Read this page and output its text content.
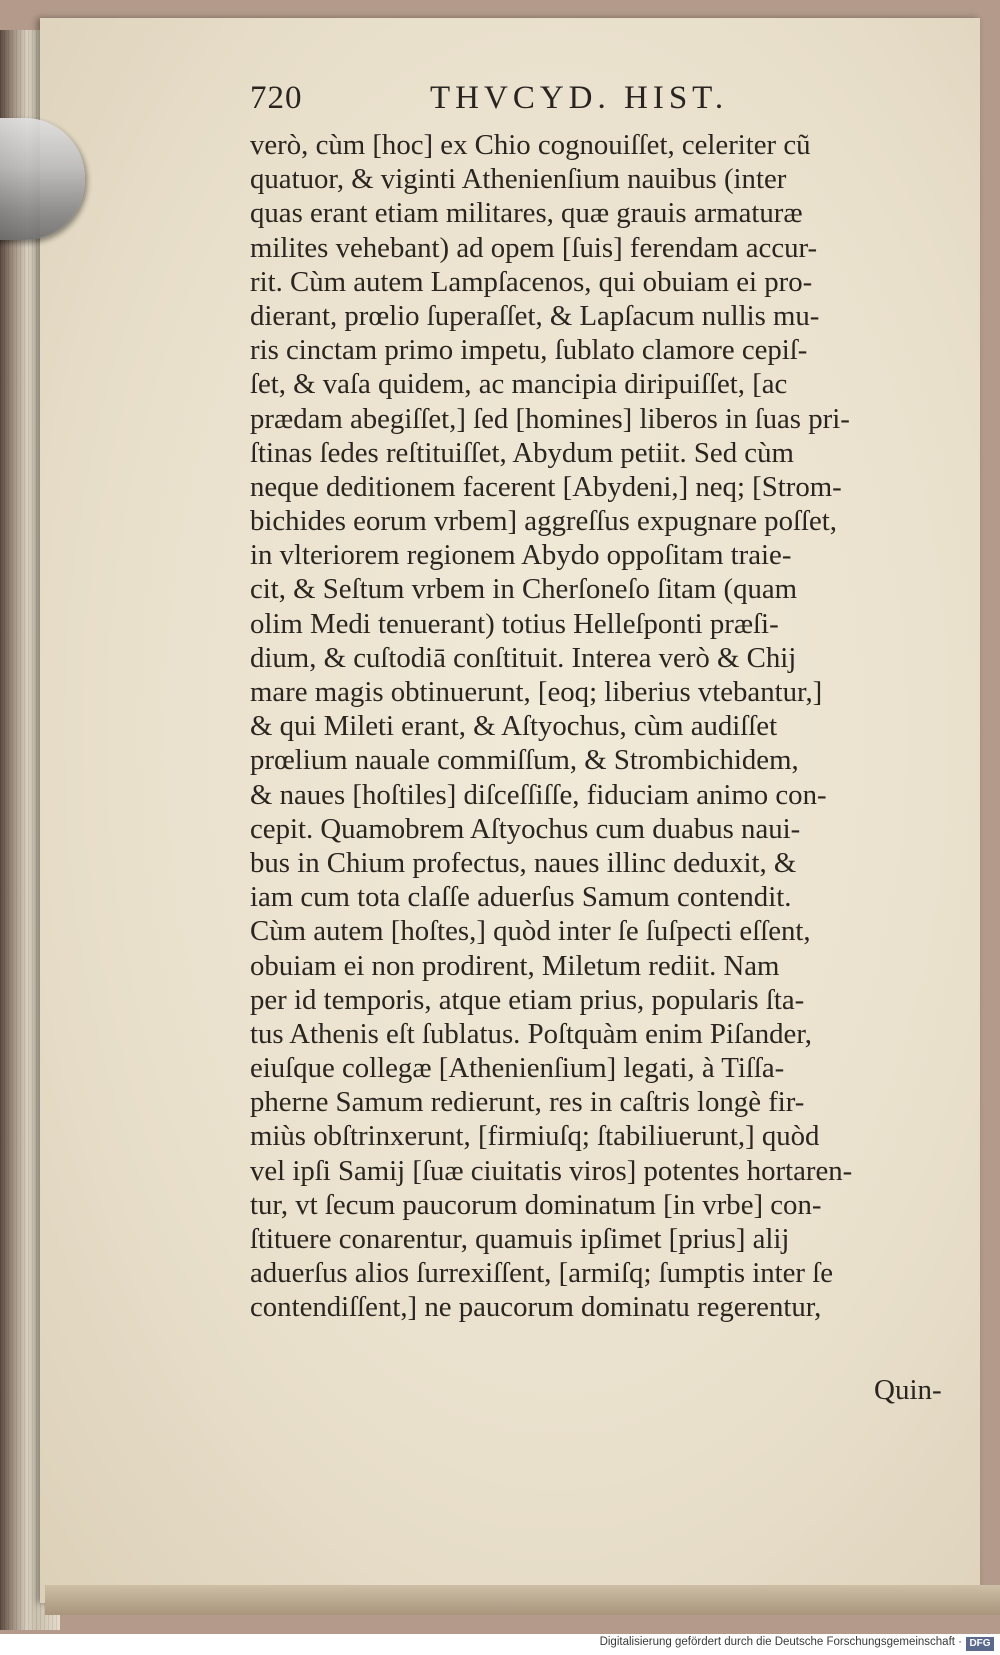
720	THVCYD. HIST.
verò, cùm [hoc] ex Chio cognouiſſet, celeriter cũ
quatuor, & viginti Athenienſium nauibus (inter
quas erant etiam militares, quæ grauis armaturæ
milites vehebant) ad opem [ſuis] ferendam accur-
rit. Cùm autem Lampſacenos, qui obuiam ei pro-
dierant, prœlio ſuperaſſet, & Lapſacum nullis mu-
ris cinctam primo impetu, ſublato clamore cepiſ-
ſet, & vaſa quidem, ac mancipia diripuiſſet, [ac
prædam abegiſſet,] ſed [homines] liberos in ſuas pri-
ſtinas ſedes reſtituiſſet, Abydum petiit. Sed cùm
neque deditionem facerent [Abydeni,] neq; [Strom-
bichides eorum vrbem] aggreſſus expugnare poſſet,
in vlteriorem regionem Abydo oppoſitam traie-
cit, & Seſtum vrbem in Cherſoneſo ſitam (quam
olim Medi tenuerant) totius Helleſponti præſi-
dium, & cuſtodiā conſtituit. Interea verò & Chij
mare magis obtinuerunt, [eoq; liberius vtebantur,]
& qui Mileti erant, & Aſtyochus, cùm audiſſet
prœlium nauale commiſſum, & Strombichidem,
& naues [hoſtiles] diſceſſiſſe, fiduciam animo con-
cepit. Quamobrem Aſtyochus cum duabus naui-
bus in Chium profectus, naues illinc deduxit, &
iam cum tota claſſe aduerſus Samum contendit.
Cùm autem [hoſtes,] quòd inter ſe ſuſpecti eſſent,
obuiam ei non prodirent, Miletum rediit. Nam
per id temporis, atque etiam prius, popularis ſta-
tus Athenis eſt ſublatus. Poſtquàm enim Piſander,
eiuſque collegæ [Athenienſium] legati, à Tiſſa-
pherne Samum redierunt, res in caſtris longè fir-
miùs obſtrinxerunt, [firmiuſq; ſtabiliuerunt,] quòd
vel ipſi Samij [ſuæ ciuitatis viros] potentes hortaren-
tur, vt ſecum paucorum dominatum [in vrbe] con-
ſtituere conarentur, quamuis ipſimet [prius] alij
aduerſus alios ſurrexiſſent, [armiſq; ſumptis inter ſe
contendiſſent,] ne paucorum dominatu regerentur,
Quin-
Digitalisierung gefördert durch die Deutsche Forschungsgemeinschaft · DFG
